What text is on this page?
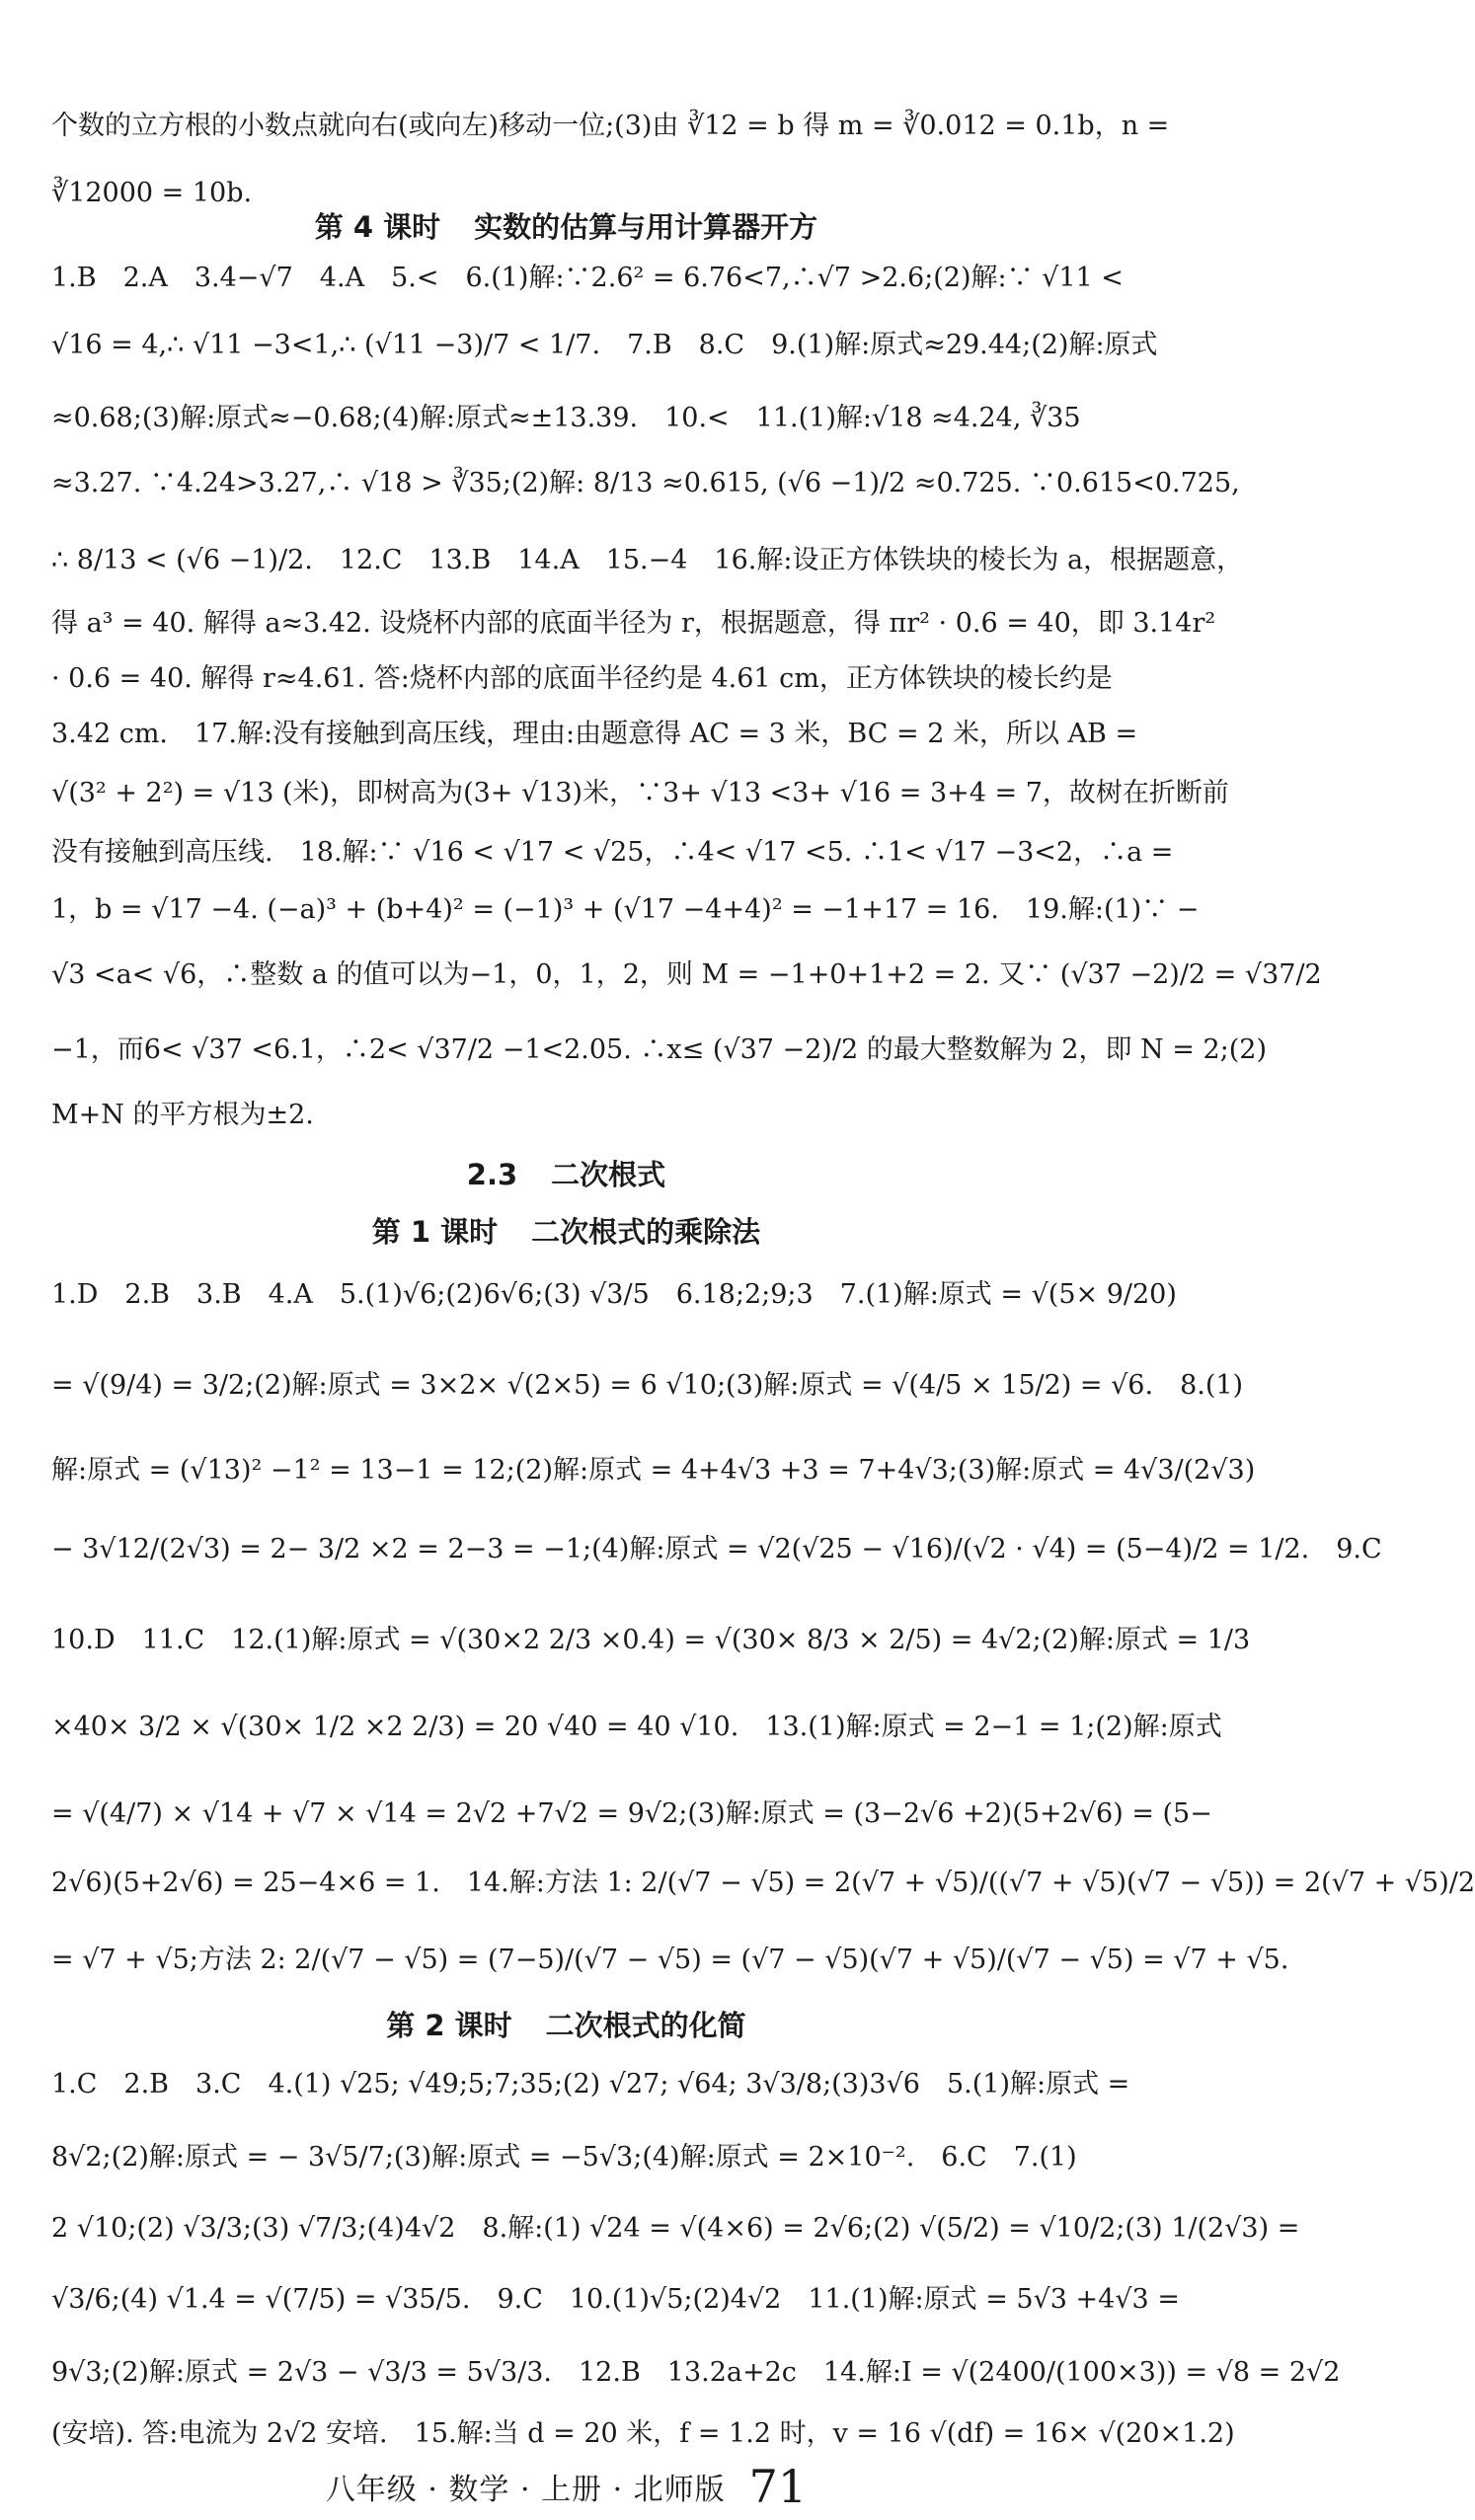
个数的立方根的小数点就向右(或向左)移动一位;(3)由 ∛12 = b 得 m = ∛0.012 = 0.1b，n =
∛12000 = 10b.
第 4 课时 实数的估算与用计算器开方
1.B　2.A　3.4−√7　4.A　5.<　6.(1)解:∵2.6² = 6.76<7,∴√7 >2.6;(2)解:∵ √11 <
√16 = 4,∴ √11 −3<1,∴ (√11 −3)/7 < 1/7.　7.B　8.C　9.(1)解:原式≈29.44;(2)解:原式
≈0.68;(3)解:原式≈−0.68;(4)解:原式≈±13.39.　10.<　11.(1)解:√18 ≈4.24, ∛35
≈3.27. ∵4.24>3.27,∴ √18 > ∛35;(2)解: 8/13 ≈0.615, (√6 −1)/2 ≈0.725. ∵0.615<0.725,
∴ 8/13 < (√6 −1)/2.　12.C　13.B　14.A　15.−4　16.解:设正方体铁块的棱长为 a，根据题意，
得 a³ = 40. 解得 a≈3.42. 设烧杯内部的底面半径为 r，根据题意，得 πr² · 0.6 = 40，即 3.14r²
· 0.6 = 40. 解得 r≈4.61. 答:烧杯内部的底面半径约是 4.61 cm，正方体铁块的棱长约是
3.42 cm.　17.解:没有接触到高压线，理由:由题意得 AC = 3 米，BC = 2 米，所以 AB =
√(3² + 2²) = √13 (米)，即树高为(3+ √13)米，∵3+ √13 <3+ √16 = 3+4 = 7，故树在折断前
没有接触到高压线.　18.解:∵ √16 < √17 < √25，∴4< √17 <5. ∴1< √17 −3<2，∴a =
1，b = √17 −4. (−a)³ + (b+4)² = (−1)³ + (√17 −4+4)² = −1+17 = 16.　19.解:(1)∵ −
√3 <a< √6，∴整数 a 的值可以为−1，0，1，2，则 M = −1+0+1+2 = 2. 又∵ (√37 −2)/2 = √37/2
−1，而6< √37 <6.1，∴2< √37/2 −1<2.05. ∴x≤ (√37 −2)/2 的最大整数解为 2，即 N = 2;(2)
M+N 的平方根为±2.
2.3 二次根式
第 1 课时 二次根式的乘除法
1.D　2.B　3.B　4.A　5.(1)√6;(2)6√6;(3) √3/5　6.18;2;9;3　7.(1)解:原式 = √(5× 9/20)
= √(9/4) = 3/2;(2)解:原式 = 3×2× √(2×5) = 6 √10;(3)解:原式 = √(4/5 × 15/2) = √6.　8.(1)
解:原式 = (√13)² −1² = 13−1 = 12;(2)解:原式 = 4+4√3 +3 = 7+4√3;(3)解:原式 = 4√3/(2√3)
− 3√12/(2√3) = 2− 3/2 ×2 = 2−3 = −1;(4)解:原式 = √2(√25 − √16)/(√2 · √4) = (5−4)/2 = 1/2.　9.C
10.D　11.C　12.(1)解:原式 = √(30×2 2/3 ×0.4) = √(30× 8/3 × 2/5) = 4√2;(2)解:原式 = 1/3
×40× 3/2 × √(30× 1/2 ×2 2/3) = 20 √40 = 40 √10.　13.(1)解:原式 = 2−1 = 1;(2)解:原式
= √(4/7) × √14 + √7 × √14 = 2√2 +7√2 = 9√2;(3)解:原式 = (3−2√6 +2)(5+2√6) = (5−
2√6)(5+2√6) = 25−4×6 = 1.　14.解:方法 1: 2/(√7 − √5) = 2(√7 + √5)/((√7 + √5)(√7 − √5)) = 2(√7 + √5)/2
= √7 + √5;方法 2: 2/(√7 − √5) = (7−5)/(√7 − √5) = (√7 − √5)(√7 + √5)/(√7 − √5) = √7 + √5.
第 2 课时 二次根式的化简
1.C　2.B　3.C　4.(1) √25; √49;5;7;35;(2) √27; √64; 3√3/8;(3)3√6　5.(1)解:原式 =
8√2;(2)解:原式 = − 3√5/7;(3)解:原式 = −5√3;(4)解:原式 = 2×10⁻².　6.C　7.(1)
2 √10;(2) √3/3;(3) √7/3;(4)4√2　8.解:(1) √24 = √(4×6) = 2√6;(2) √(5/2) = √10/2;(3) 1/(2√3) =
√3/6;(4) √1.4 = √(7/5) = √35/5.　9.C　10.(1)√5;(2)4√2　11.(1)解:原式 = 5√3 +4√3 =
9√3;(2)解:原式 = 2√3 − √3/3 = 5√3/3.　12.B　13.2a+2c　14.解:I = √(2400/(100×3)) = √8 = 2√2
(安培). 答:电流为 2√2 安培.　15.解:当 d = 20 米，f = 1.2 时，v = 16 √(df) = 16× √(20×1.2)
八年级 · 数学 · 上册 · 北师版 71
